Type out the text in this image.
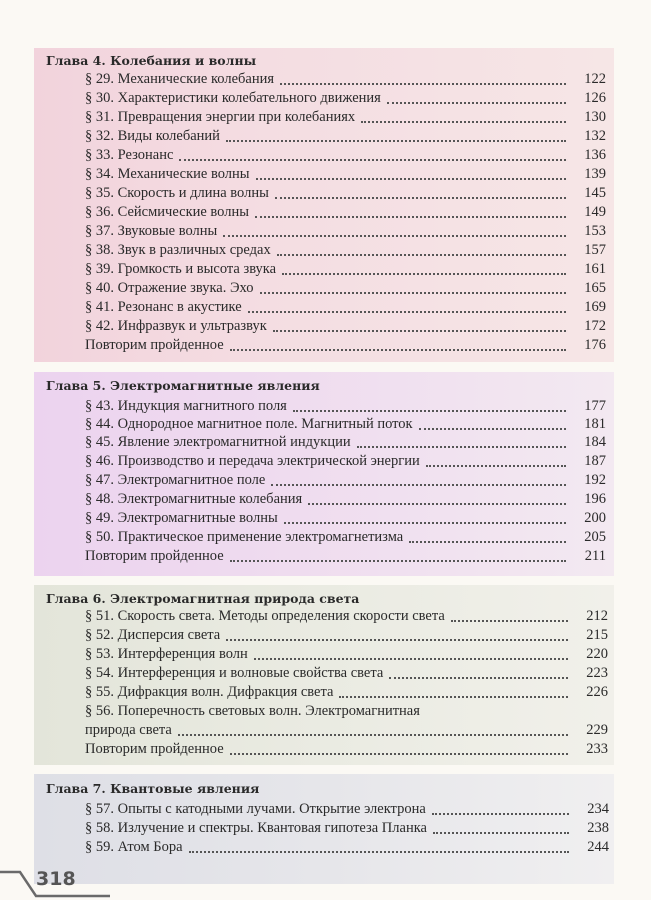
Глава 4. Колебания и волны
§ 29. Механические колебания	122
§ 30. Характеристики колебательного движения	126
§ 31. Превращения энергии при колебаниях	130
§ 32. Виды колебаний	132
§ 33. Резонанс	136
§ 34. Механические волны	139
§ 35. Скорость и длина волны	145
§ 36. Сейсмические волны	149
§ 37. Звуковые волны	153
§ 38. Звук в различных средах	157
§ 39. Громкость и высота звука	161
§ 40. Отражение звука. Эхо	165
§ 41. Резонанс в акустике	169
§ 42. Инфразвук и ультразвук	172
Повторим пройденное	176
Глава 5. Электромагнитные явления
§ 43. Индукция магнитного поля	177
§ 44. Однородное магнитное поле. Магнитный поток	181
§ 45. Явление электромагнитной индукции	184
§ 46. Производство и передача электрической энергии	187
§ 47. Электромагнитное поле	192
§ 48. Электромагнитные колебания	196
§ 49. Электромагнитные волны	200
§ 50. Практическое применение электромагнетизма	205
Повторим пройденное	211
Глава 6. Электромагнитная природа света
§ 51. Скорость света. Методы определения скорости света	212
§ 52. Дисперсия света	215
§ 53. Интерференция волн	220
§ 54. Интерференция и волновые свойства света	223
§ 55. Дифракция волн. Дифракция света	226
§ 56. Поперечность световых волн. Электромагнитная
природа света	229
Повторим пройденное	233
Глава 7. Квантовые явления
§ 57. Опыты с катодными лучами. Открытие электрона	234
§ 58. Излучение и спектры. Квантовая гипотеза Планка	238
§ 59. Атом Бора	244
318
